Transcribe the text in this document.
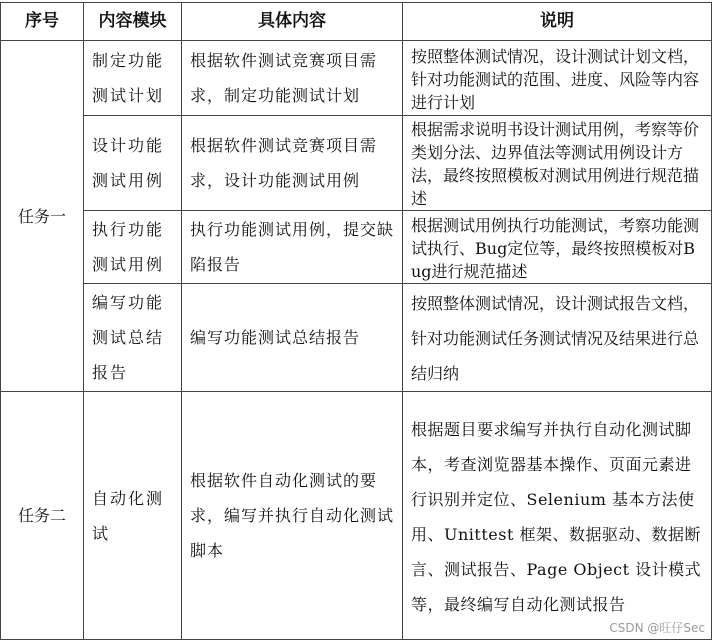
序号	内容模块	具体内容	说明
任务一	制定功能测试计划	根据软件测试竞赛项目需求，制定功能测试计划	按照整体测试情况，设计测试计划文档，针对功能测试的范围、进度、风险等内容进行计划
	设计功能测试用例	根据软件测试竞赛项目需求，设计功能测试用例	根据需求说明书设计测试用例，考察等价类划分法、边界值法等测试用例设计方法，最终按照模板对测试用例进行规范描述
	执行功能测试用例	执行功能测试用例，提交缺陷报告	根据测试用例执行功能测试，考察功能测试执行、Bug定位等，最终按照模板对Bug进行规范描述
	编写功能测试总结报告	编写功能测试总结报告	按照整体测试情况，设计测试报告文档，针对功能测试任务测试情况及结果进行总结归纳
任务二	自动化测试	根据软件自动化测试的要求，编写并执行自动化测试脚本	根据题目要求编写并执行自动化测试脚本，考查浏览器基本操作、页面元素进行识别并定位、Selenium 基本方法使用、Unittest 框架、数据驱动、数据断言、测试报告、Page Object 设计模式等，最终编写自动化测试报告
CSDN @旺仔Sec
